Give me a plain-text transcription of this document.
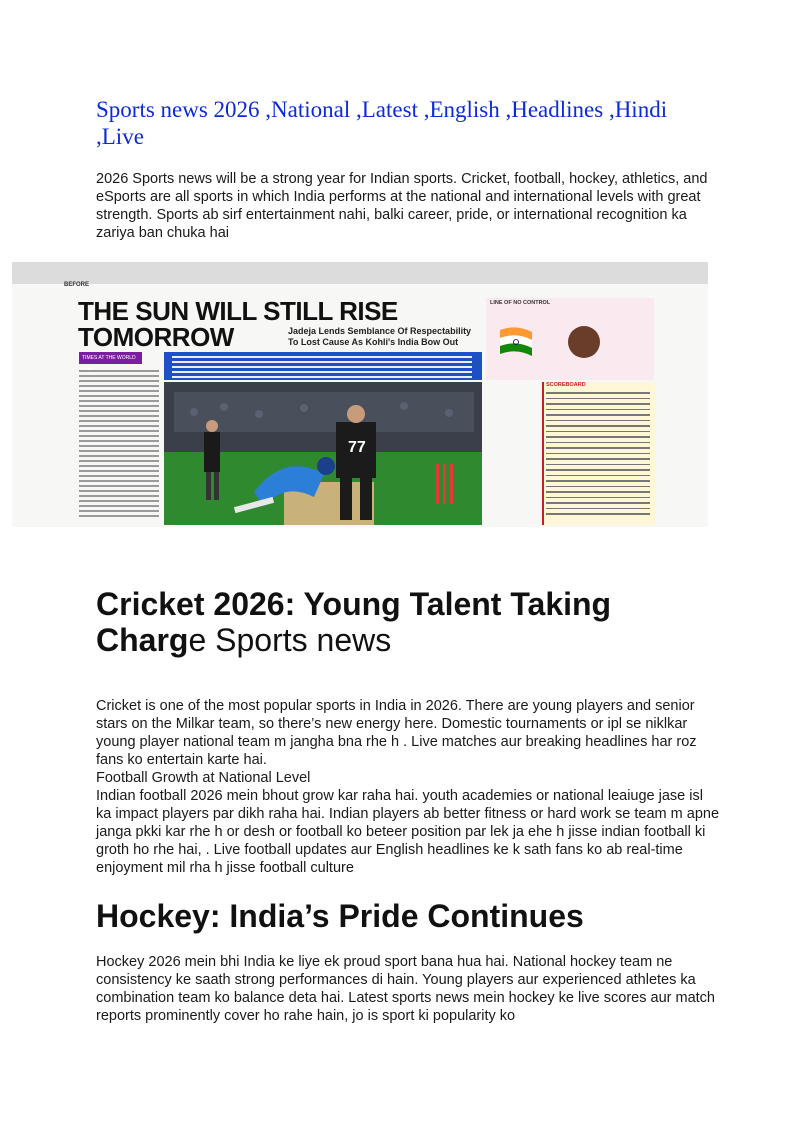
Sports news 2026 ,National ,Latest ,English ,Headlines ,Hindi ,Live

2026 Sports news will be a strong year for Indian sports. Cricket, football, hockey, athletics, and eSports are all sports in which India performs at the national and international levels with great strength. Sports ab sirf entertainment nahi, balki career, pride, or international recognition ka zariya ban chuka hai

BEFORE
THE SUN WILL STILL RISE
TOMORROW	Jadeja Lends Semblance Of Respectability
To Lost Cause As Kohli's India Bow Out
LINE OF NO CONTROL
TIMES AT THE WORLD
77
SCOREBOARD
Cricket 2026: Young Talent Taking Charge Sports news
Cricket is one of the most popular sports in India in 2026. There are young players and senior stars on the Milkar team, so there’s new energy here. Domestic tournaments or ipl se niklkar young player national team m jangha bna rhe h . Live matches aur breaking headlines har roz fans ko entertain karte hai.
Football Growth at National Level
Indian football 2026 mein bhout grow kar raha hai. youth academies or national leaiuge jase isl ka impact players par dikh raha hai. Indian players ab better fitness or hard work se team m apne janga pkki kar rhe h or desh or football ko beteer position par lek ja ehe h jisse indian football ki groth ho rhe hai, . Live football updates aur English headlines ke k sath fans ko ab real-time enjoyment mil rha h jisse football culture
Hockey: India’s Pride Continues

Hockey 2026 mein bhi India ke liye ek proud sport bana hua hai. National hockey team ne consistency ke saath strong performances di hain. Young players aur experienced athletes ka combination team ko balance deta hai. Latest sports news mein hockey ke live scores aur match reports prominently cover ho rahe hain, jo is sport ki popularity ko
